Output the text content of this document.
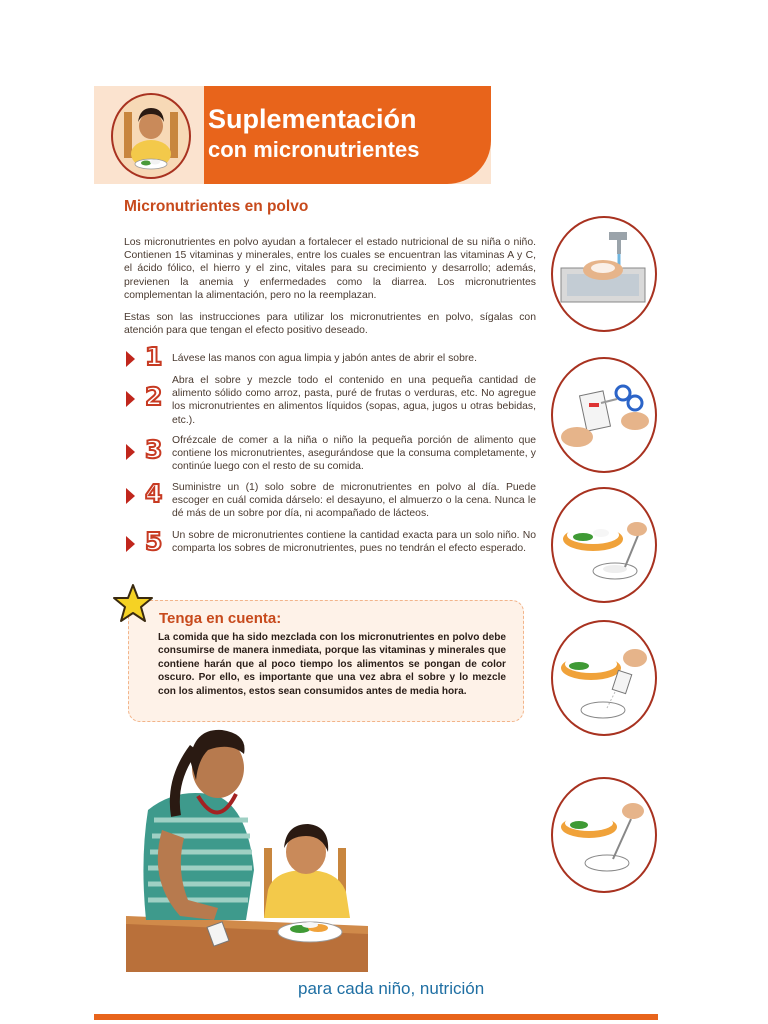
Suplementación
con micronutrientes
Micronutrientes en polvo
Los micronutrientes en polvo ayudan a fortalecer el estado nutricional de su niña o niño. Contienen 15 vitaminas y minerales, entre los cuales se encuentran las vitaminas A y C, el ácido fólico, el hierro y el zinc, vitales para su crecimiento y desarrollo; además, previenen la anemia y enfermedades como la diarrea. Los micronutrientes complementan la alimentación, pero no la reemplazan.
Estas son las instrucciones para utilizar los micronutrientes en polvo, sígalas con atención para que tengan el efecto positivo deseado.
1 Lávese las manos con agua limpia y jabón antes de abrir el sobre.
2
Abra el sobre y mezcle todo el contenido en una pequeña cantidad de alimento sólido como arroz, pasta, puré de frutas o verduras, etc. No agregue los micronutrientes en alimentos líquidos (sopas, agua, jugos u otras bebidas, etc.).
3 Ofrézcale de comer a la niña o niño la pequeña porción de alimento que contiene los micronutrientes, asegurándose que la consuma completamente, y continúe luego con el resto de su comida.
4 Suministre un (1) solo sobre de micronutrientes en polvo al día. Puede escoger en cuál comida dárselo: el desayuno, el almuerzo o la cena. Nunca le dé más de un sobre por día, ni acompañado de lácteos.
5 Un sobre de micronutrientes contiene la cantidad exacta para un solo niño. No comparta los sobres de micronutrientes, pues no tendrán el efecto esperado.
Tenga en cuenta:
La comida que ha sido mezclada con los micronutrientes en polvo debe consumirse de manera inmediata, porque las vitaminas y minerales que contiene harán que al poco tiempo los alimentos se pongan de color oscuro. Por ello, es importante que una vez abra el sobre y lo mezcle con los alimentos, estos sean consumidos antes de media hora.
para cada niño, nutrición
